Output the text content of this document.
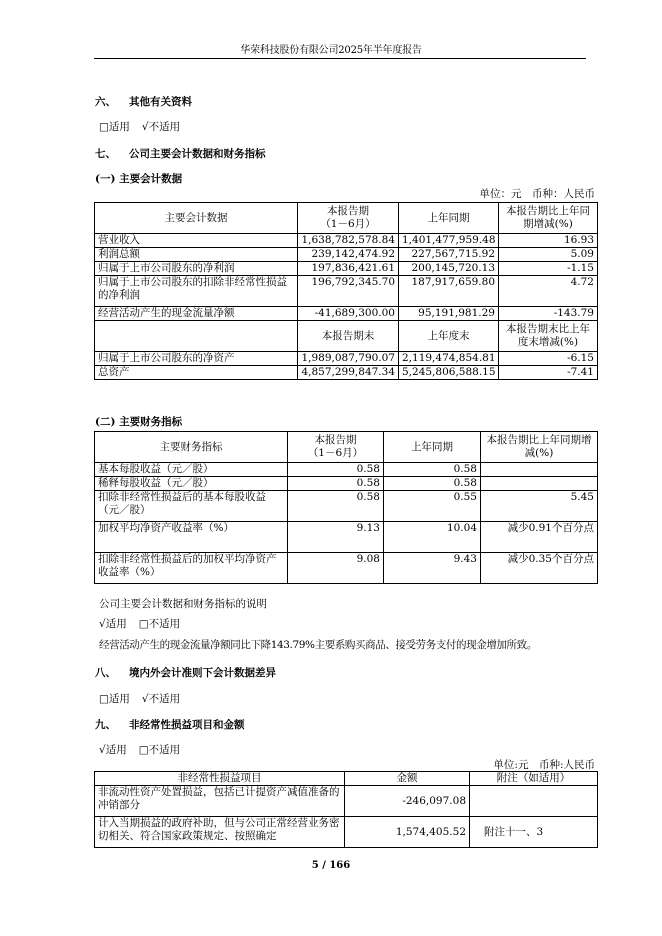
华荣科技股份有限公司2025年半年度报告
六、 其他有关资料
□适用 √不适用
七、 公司主要会计数据和财务指标
(一) 主要会计数据
单位：元　币种：人民币
主要会计数据	本报告期
（1－6月）	上年同期	本报告期比上年同期增减(%)
营业收入	1,638,782,578.84	1,401,477,959.48	16.93
利润总额	239,142,474.92	227,567,715.92	5.09
归属于上市公司股东的净利润	197,836,421.61	200,145,720.13	-1.15
归属于上市公司股东的扣除非经常性损益的净利润	196,792,345.70	187,917,659.80	4.72
经营活动产生的现金流量净额	-41,689,300.00	95,191,981.29	-143.79
	本报告期末	上年度末	本报告期末比上年度末增减(%)
归属于上市公司股东的净资产	1,989,087,790.07	2,119,474,854.81	-6.15
总资产	4,857,299,847.34	5,245,806,588.15	-7.41
(二) 主要财务指标
主要财务指标	本报告期
（1－6月）	上年同期	本报告期比上年同期增减(%)
基本每股收益（元／股）	0.58	0.58	
稀释每股收益（元／股）	0.58	0.58	
扣除非经常性损益后的基本每股收益（元／股）	0.58	0.55	5.45
加权平均净资产收益率（%）	9.13	10.04	减少0.91个百分点
扣除非经常性损益后的加权平均净资产收益率（%）	9.08	9.43	减少0.35个百分点
公司主要会计数据和财务指标的说明
√适用 □不适用
经营活动产生的现金流量净额同比下降143.79%主要系购买商品、接受劳务支付的现金增加所致。
八、 境内外会计准则下会计数据差异
□适用 √不适用
九、 非经常性损益项目和金额
√适用 □不适用
单位:元　币种:人民币
非经常性损益项目	金额	附注（如适用）
非流动性资产处置损益，包括已计提资产减值准备的冲销部分	-246,097.08	
计入当期损益的政府补助，但与公司正常经营业务密切相关、符合国家政策规定、按照确定	1,574,405.52	附注十一、3
5 / 166
